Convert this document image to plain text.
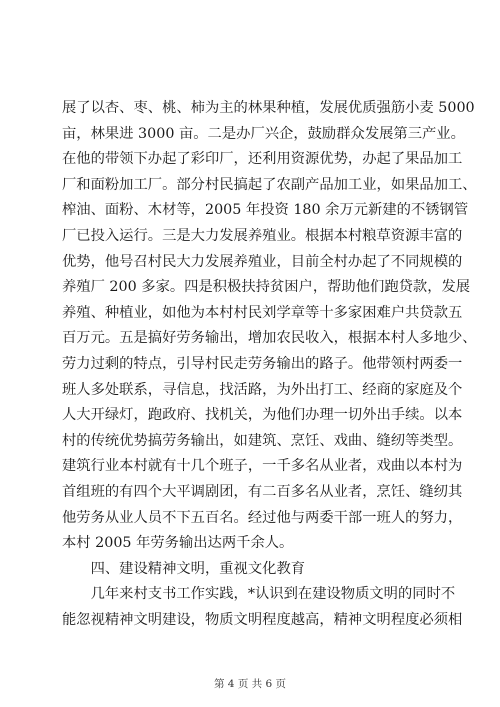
展了以杏、枣、桃、柿为主的林果种植，发展优质强筋小麦 5000
亩，林果进 3000 亩。二是办厂兴企，鼓励群众发展第三产业。
在他的带领下办起了彩印厂，还利用资源优势，办起了果品加工
厂和面粉加工厂。部分村民搞起了农副产品加工业，如果品加工、
榨油、面粉、木材等，2005 年投资 180 余万元新建的不锈钢管
厂已投入运行。三是大力发展养殖业。根据本村粮草资源丰富的
优势，他号召村民大力发展养殖业，目前全村办起了不同规模的
养殖厂 200 多家。四是积极扶持贫困户，帮助他们跑贷款，发展
养殖、种植业，如他为本村村民刘学章等十多家困难户共贷款五
百万元。五是搞好劳务输出，增加农民收入，根据本村人多地少、
劳力过剩的特点，引导村民走劳务输出的路子。他带领村两委一
班人多处联系，寻信息，找活路，为外出打工、经商的家庭及个
人大开绿灯，跑政府、找机关，为他们办理一切外出手续。以本
村的传统优势搞劳务输出，如建筑、烹饪、戏曲、缝纫等类型。
建筑行业本村就有十几个班子，一千多名从业者，戏曲以本村为
首组班的有四个大平调剧团，有二百多名从业者，烹饪、缝纫其
他劳务从业人员不下五百名。经过他与两委干部一班人的努力，
本村 2005 年劳务输出达两千余人。
　　四、建设精神文明，重视文化教育
　　几年来村支书工作实践，*认识到在建设物质文明的同时不
能忽视精神文明建设，物质文明程度越高，精神文明程度必须相
第 4 页 共 6 页
